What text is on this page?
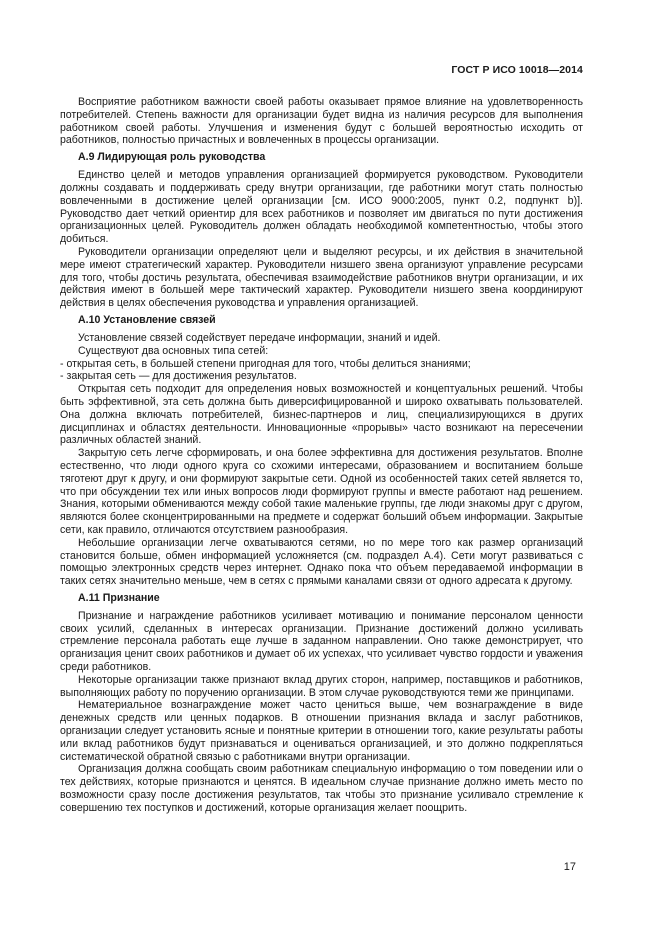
ГОСТ Р ИСО 10018—2014

Восприятие работником важности своей работы оказывает прямое влияние на удовлетворенность потребителей. Степень важности для организации будет видна из наличия ресурсов для выполнения работником своей работы. Улучшения и изменения будут с большей вероятностью исходить от работников, полностью причастных и вовлеченных в процессы организации.

А.9 Лидирующая роль руководства

Единство целей и методов управления организацией формируется руководством. Руководители должны создавать и поддерживать среду внутри организации, где работники могут стать полностью вовлеченными в достижение целей организации [см. ИСО 9000:2005, пункт 0.2, подпункт b)]. Руководство дает четкий ориентир для всех работников и позволяет им двигаться по пути достижения организационных целей. Руководитель должен обладать необходимой компетентностью, чтобы этого добиться.

Руководители организации определяют цели и выделяют ресурсы, и их действия в значительной мере имеют стратегический характер. Руководители низшего звена организуют управление ресурсами для того, чтобы достичь результата, обеспечивая взаимодействие работников внутри организации, и их действия имеют в большей мере тактический характер. Руководители низшего звена координируют действия в целях обеспечения руководства и управления организацией.

А.10 Установление связей

Установление связей содействует передаче информации, знаний и идей.

Существуют два основных типа сетей:

- открытая сеть, в большей степени пригодная для того, чтобы делиться знаниями;

- закрытая сеть — для достижения результатов.

Открытая сеть подходит для определения новых возможностей и концептуальных решений. Чтобы быть эффективной, эта сеть должна быть диверсифицированной и широко охватывать пользователей. Она должна включать потребителей, бизнес-партнеров и лиц, специализирующихся в других дисциплинах и областях деятельности. Инновационные «прорывы» часто возникают на пересечении различных областей знаний.

Закрытую сеть легче сформировать, и она более эффективна для достижения результатов. Вполне естественно, что люди одного круга со схожими интересами, образованием и воспитанием больше тяготеют друг к другу, и они формируют закрытые сети. Одной из особенностей таких сетей является то, что при обсуждении тех или иных вопросов люди формируют группы и вместе работают над решением. Знания, которыми обмениваются между собой такие маленькие группы, где люди знакомы друг с другом, являются более сконцентрированными на предмете и содержат больший объем информации. Закрытые сети, как правило, отличаются отсутствием разнообразия.

Небольшие организации легче охватываются сетями, но по мере того как размер организаций становится больше, обмен информацией усложняется (см. подраздел А.4). Сети могут развиваться с помощью электронных средств через интернет. Однако пока что объем передаваемой информации в таких сетях значительно меньше, чем в сетях с прямыми каналами связи от одного адресата к другому.

А.11 Признание

Признание и награждение работников усиливает мотивацию и понимание персоналом ценности своих усилий, сделанных в интересах организации. Признание достижений должно усиливать стремление персонала работать еще лучше в заданном направлении. Оно также демонстрирует, что организация ценит своих работников и думает об их успехах, что усиливает чувство гордости и уважения среди работников.

Некоторые организации также признают вклад других сторон, например, поставщиков и работников, выполняющих работу по поручению организации. В этом случае руководствуются теми же принципами.

Нематериальное вознаграждение может часто цениться выше, чем вознаграждение в виде денежных средств или ценных подарков. В отношении признания вклада и заслуг работников, организации следует установить ясные и понятные критерии в отношении того, какие результаты работы или вклад работников будут признаваться и оцениваться организацией, и это должно подкрепляться систематической обратной связью с работниками внутри организации.

Организация должна сообщать своим работникам специальную информацию о том поведении или о тех действиях, которые признаются и ценятся. В идеальном случае признание должно иметь место по возможности сразу после достижения результатов, так чтобы это признание усиливало стремление к совершению тех поступков и достижений, которые организация желает поощрить.

17
